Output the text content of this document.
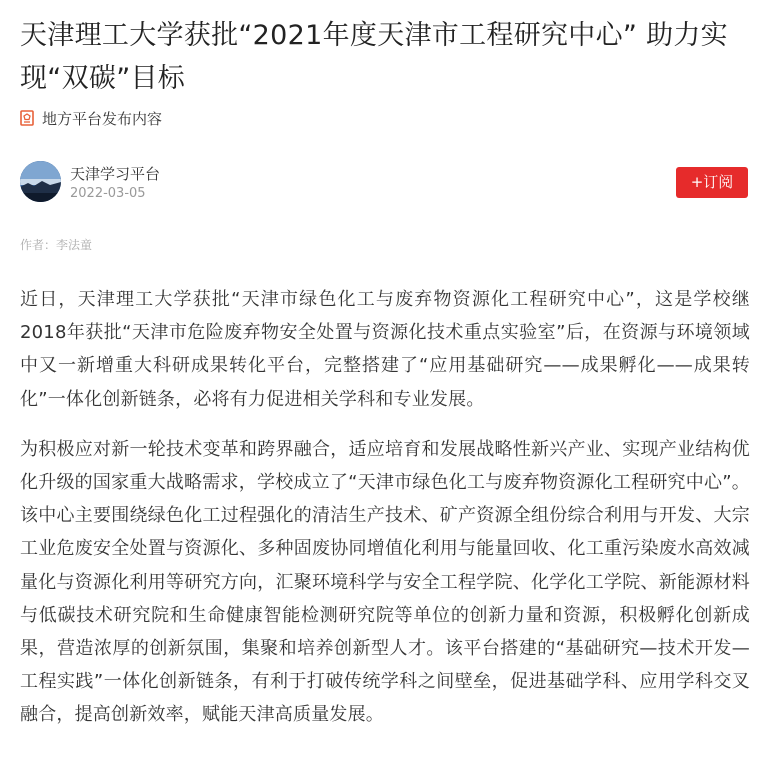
天津理工大学获批“2021年度天津市工程研究中心” 助力实现“双碳”目标
地方平台发布内容
天津学习平台
2022-03-05
+订阅
作者：李法童

近日，天津理工大学获批“天津市绿色化工与废弃物资源化工程研究中心”，这是学校继2018年获批“天津市危险废弃物安全处置与资源化技术重点实验室”后，在资源与环境领域中又一新增重大科研成果转化平台，完整搭建了“应用基础研究——成果孵化——成果转化”一体化创新链条，必将有力促进相关学科和专业发展。

为积极应对新一轮技术变革和跨界融合，适应培育和发展战略性新兴产业、实现产业结构优化升级的国家重大战略需求，学校成立了“天津市绿色化工与废弃物资源化工程研究中心”。该中心主要围绕绿色化工过程强化的清洁生产技术、矿产资源全组份综合利用与开发、大宗工业危废安全处置与资源化、多种固废协同增值化利用与能量回收、化工重污染废水高效减量化与资源化利用等研究方向，汇聚环境科学与安全工程学院、化学化工学院、新能源材料与低碳技术研究院和生命健康智能检测研究院等单位的创新力量和资源，积极孵化创新成果，营造浓厚的创新氛围，集聚和培养创新型人才。该平台搭建的“基础研究—技术开发—工程实践”一体化创新链条，有利于打破传统学科之间壁垒，促进基础学科、应用学科交叉融合，提高创新效率，赋能天津高质量发展。
